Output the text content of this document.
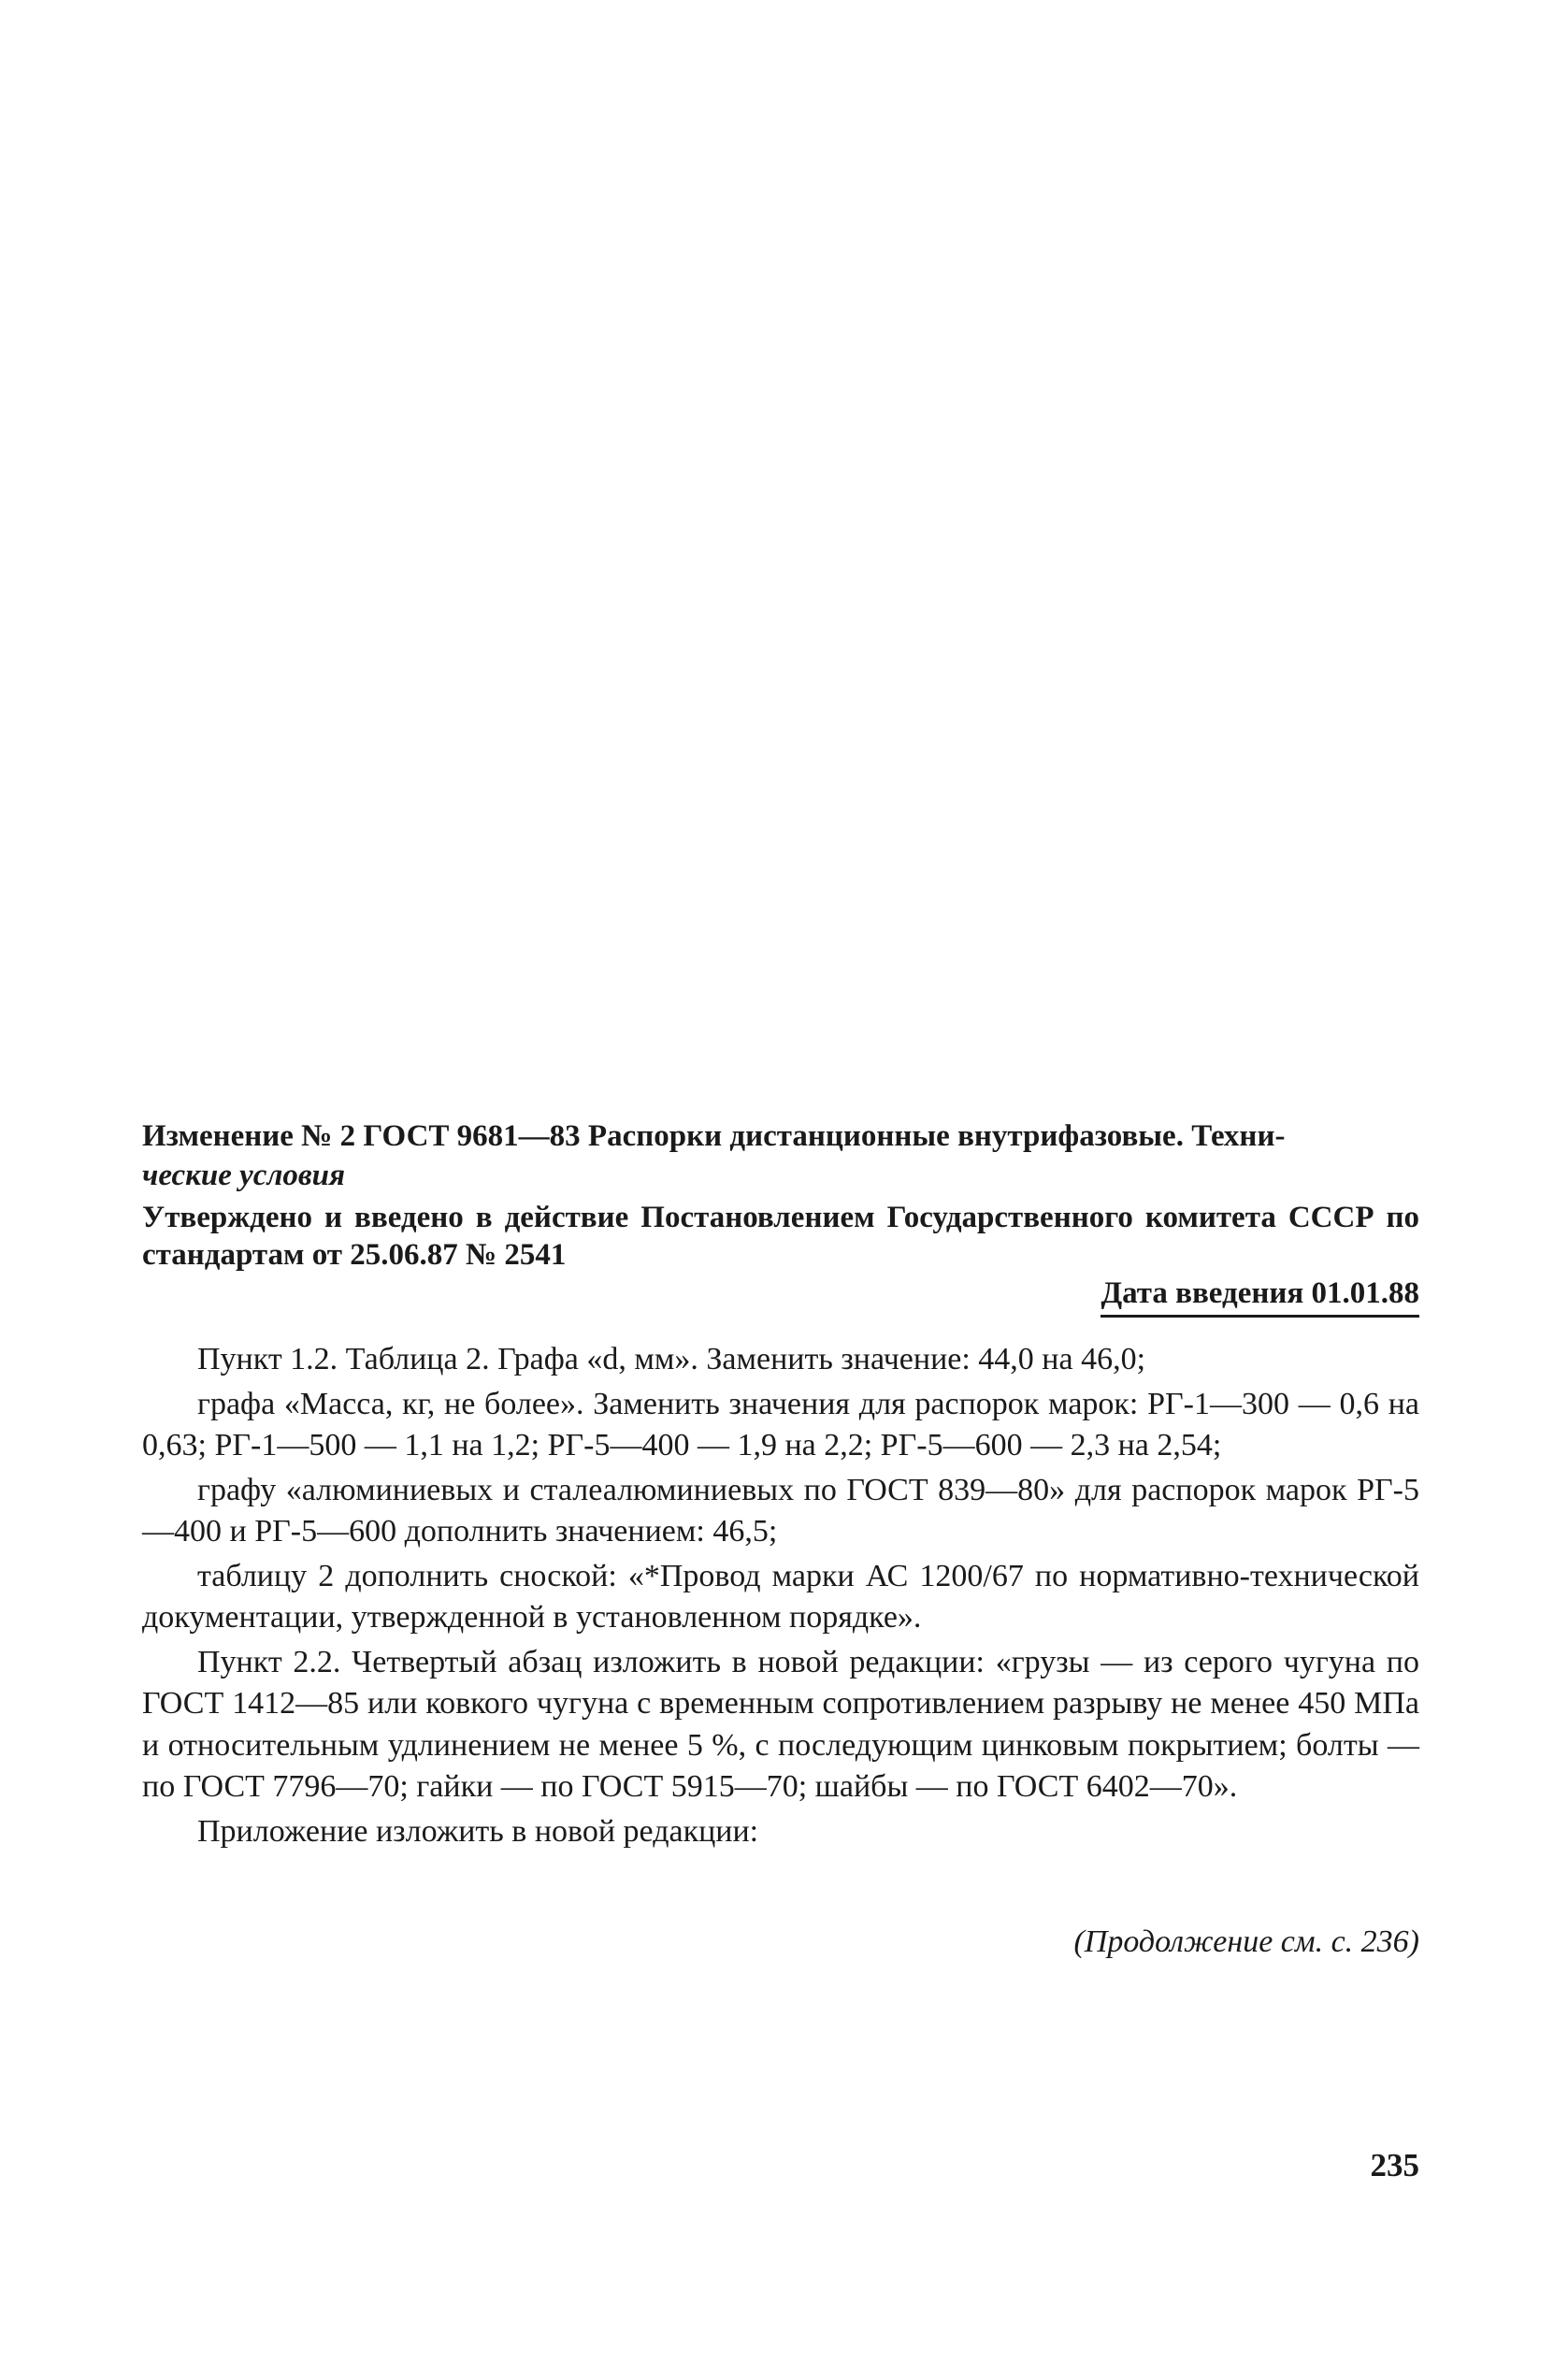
Изменение № 2 ГОСТ 9681—83 Распорки дистанционные внутрифазовые. Техни-
ческие условия
Утверждено и введено в действие Постановлением Государственного комитета СССР по стандартам от 25.06.87 № 2541
Дата введения 01.01.88

Пункт 1.2. Таблица 2. Графа «d, мм». Заменить значение: 44,0 на 46,0;

графа «Масса, кг, не более». Заменить значения для распорок марок: РГ-1—300 — 0,6 на 0,63; РГ-1—500 — 1,1 на 1,2; РГ-5—400 — 1,9 на 2,2; РГ-5—600 — 2,3 на 2,54;

графу «алюминиевых и сталеалюминиевых по ГОСТ 839—80» для распорок марок РГ-5—400 и РГ-5—600 дополнить значением: 46,5;

таблицу 2 дополнить сноской: «*Провод марки АС 1200/67 по нормативно-технической документации, утвержденной в установленном порядке».

Пункт 2.2. Четвертый абзац изложить в новой редакции: «грузы — из серого чугуна по ГОСТ 1412—85 или ковкого чугуна с временным сопротивлением разрыву не менее 450 МПа и относительным удлинением не менее 5 %, с последующим цинковым покрытием; болты — по ГОСТ 7796—70; гайки — по ГОСТ 5915—70; шайбы — по ГОСТ 6402—70».

Приложение изложить в новой редакции:

(Продолжение см. с. 236)
235
